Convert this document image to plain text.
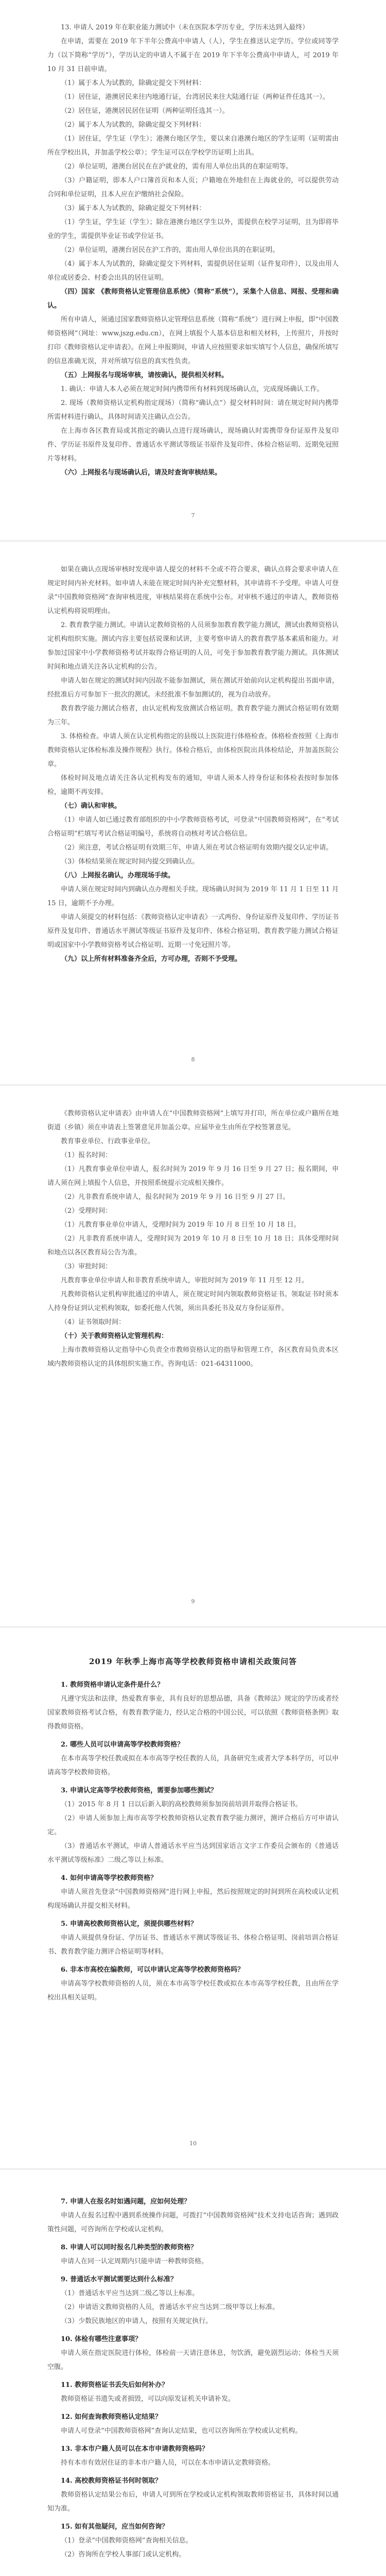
13. 申请人 2019 年在职业能力测试中（未在医院本学历专业，学历未达到入最终）

在申请，需要在 2019 年下半年公费高中申请人（人），学生在推送认定学历。学位或同等学力（以下简称“学历”），学历认定的申请人不属于在 2019 年下半年公费高中申请人，可 2019 年 10 月 31 日前申请。

（1）属于本人为试教的，除确定提交下列材料：

（1）居住证，港澳居民来往内地通行证，台湾居民来往大陆通行证（两种证件任选其一）。

（2）居住证，港澳居民居住证明（两种证明任选其一）。

（2）属于本人为试教的，除确定提交下列材料：

（1）居住证，学生证（学生）；港澳台地区学生，要以来自港澳台地区的学生证明（证明需由所在学校出具，并加盖学校公章）；学生证可以在学校学历证明上出具。

（2）单位证明，港澳台居民在在沪就业的，需有用人单位出具的在职证明等。

（3）户籍证明，即本人户口簿首页和本人页；户籍地在外地但在上海就业的，可以提供劳动合同和单位证明，且本人应在沪缴纳社会保险。

（3）属于本人为试教的，除确定提交下列材料：

（1）学生证，学生证（学生）；除在港澳台地区学生以外，需提供在校学习证明，且为即将毕业的学生，需提供毕业证书或学位证书。

（2）单位证明，港澳台居民在沪工作的，需由用人单位出具的在职证明。

（4）属于本人为试教的，除确定提交下列材料，需提供居住证明（证件复印件），以及由用人单位或居委会、村委会出具的居住证明。

（四）国家 《教师资格认定管理信息系统》（简称“系统”），采集个人信息、网报、受理和确认。

所有申请人，须通过国家教师资格认定管理信息系统（简称“系统”）进行网上申报，即“中国教师资格网”（网址：www.jszg.edu.cn），在网上填报个人基本信息和相关材料，上传照片，并按时打印《教师资格认定申请表》。在网上申报期间，申请人应按照要求如实填写个人信息，确保所填写的信息准确无误，并对所填写信息的真实性负责。

（五）上网报名与现场审核，请按确认，提供相关材料。

1. 确认：申请人本人必须在规定时间内携带所有材料到现场确认点，完成现场确认工作。

2. 现场（教师资格认定机构指定现场）（简称“确认点”）提交材料时间：请在规定时间内携带所需材料进行确认，具体时间请关注确认点公告。

在上海市各区教育局或其指定的确认点进行现场确认，现场确认时需携带身份证原件及复印件、学历证书原件及复印件、普通话水平测试等级证书原件及复印件、体检合格证明、近期免冠照片等材料。

（六）上网报名与现场确认后，请及时查询审核结果。

7

如果在确认点现场审核时发现申请人提交的材料不全或不符合要求，确认点将会要求申请人在规定时间内补充材料。如申请人未能在规定时间内补充完整材料，其申请将不予受理。申请人可登录“中国教师资格网”查询审核进度，审核结果将在系统中公布。对审核不通过的申请人，教师资格认定机构将说明理由。

2. 教育教学能力测试。申请认定教师资格的人员须参加教育教学能力测试，测试由教师资格认定机构组织实施。测试内容主要包括说课和试讲，主要考察申请人的教育教学基本素质和能力。对参加过国家中小学教师资格考试并取得合格证明的人员，可免于参加教育教学能力测试。具体测试时间和地点请关注各认定机构的公告。

申请人如在规定的测试时间内因故不能参加测试，须在测试开始前向认定机构提出书面申请，经批准后方可参加下一批次的测试。未经批准不参加测试的，视为自动放弃。

教育教学能力测试合格者，由认定机构发放测试合格证明。教育教学能力测试合格证明有效期为三年。

3. 体格检查。申请人须在认定机构指定的县级以上医院进行体格检查。体格检查按照《上海市教师资格认定体检标准及操作规程》执行。体检合格后，由体检医院出具体检结论，并加盖医院公章。

体检时间及地点请关注各认定机构发布的通知，申请人须本人持身份证和体检表按时参加体检，逾期不再安排。

（七）确认和审核。

（1）申请人如已通过教育部组织的中小学教师资格考试，可登录“中国教师资格网”，在“考试合格证明”栏填写考试合格证明编号，系统将自动核对考试合格信息。

（2）须注意，考试合格证明有效期三年，申请人须在考试合格证明有效期内提交认定申请。

（3）体检结果须在规定时间内提交到确认点。

（八）上网报名确认，办理现场手续。

申请人须在规定时间内到确认点办理相关手续。现场确认时间为 2019 年 11 月 1 日至 11 月 15 日，逾期不予办理。

申请人须提交的材料包括：《教师资格认定申请表》一式两份、身份证原件及复印件、学历证书原件及复印件、普通话水平测试等级证书原件及复印件、体检合格证明、教育教学能力测试合格证明或国家中小学教师资格考试合格证明、近期一寸免冠照片等。

（九）以上所有材料准备齐全后，方可办理，否则不予受理。

8

《教师资格认定申请表》由申请人在“中国教师资格网”上填写并打印，所在单位或户籍所在地街道（乡镇）须在申请表上签署意见并加盖公章。应届毕业生由所在学校签署意见。

教育事业单位、行政事业单位。

（1）报名时间：

（1）凡教育事业单位申请人，报名时间为 2019 年 9 月 16 日至 9 月 27 日；报名期间，申请人须在网上填报个人信息，并按照系统提示完成相关操作。

（2）凡非教育系统申请人，报名时间为 2019 年 9 月 16 日至 9 月 27 日。

（2）受理时间：

（1）凡教育事业单位申请人，受理时间为 2019 年 10 月 8 日至 10 月 18 日。

（2）凡非教育系统申请人，受理时间为 2019 年 10 月 8 日至 10 月 18 日；具体受理时间和地点以各区教育局公告为准。

（3）审批时间：

凡教育事业单位申请人和非教育系统申请人，审批时间为 2019 年 11 月至 12 月。

凡教师资格认定机构审批通过的申请人，须在规定时间内领取教师资格证书。领取证书时须本人持身份证到认定机构领取，如委托他人代领，须出具委托书及双方身份证原件。

（4）证书领取时间：

（十）关于教师资格认定管理机构：

上海市教师资格认定指导中心负责全市教师资格认定的指导和管理工作，各区教育局负责本区域内教师资格认定的具体组织实施工作。咨询电话：021-64311000。

9
2019 年秋季上海市高等学校教师资格申请相关政策问答

1. 教师资格申请认定条件是什么？

凡遵守宪法和法律，热爱教育事业，具有良好的思想品德，具备《教师法》规定的学历或者经国家教师资格考试合格，有教育教学能力，经认定合格的中国公民，可以依照《教师资格条例》取得教师资格。

2. 哪些人员可以申请高等学校教师资格？

在本市高等学校任教或拟在本市高等学校任教的人员，具备研究生或者大学本科学历，可以申请高等学校教师资格。

3. 申请认定高等学校教师资格，需要参加哪些测试？

（1）2015 年 8 月 1 日以后新入职的高校教师须参加岗前培训并取得合格证书。

（2）申请人须参加上海市高等学校教师资格认定教育教学能力测评，测评合格后方可申请认定。

（3）普通话水平测试，申请人普通话水平应当达到国家语言文字工作委员会颁布的《普通话水平测试等级标准》二级乙等以上标准。

4. 如何申请高等学校教师资格？

申请人须首先登录“中国教师资格网”进行网上申报，然后按照规定的时间到所在高校或认定机构现场确认并提交相关材料。

5. 申请高校教师资格认定，须提供哪些材料？

申请人须提供身份证、学历证书、普通话水平测试等级证书、体检合格证明、岗前培训合格证书、教育教学能力测评合格证明等材料。

6. 非本市高校在编教师，可以申请认定高等学校教师资格吗？

申请高等学校教师资格的人员，须在本市高等学校任教或拟在本市高等学校任教，且由所在学校出具相关证明。

10

7. 申请人在报名时如遇问题，应如何处理？

申请人在报名过程中遇到系统操作问题，可拨打“中国教师资格网”技术支持电话咨询；遇到政策性问题，可咨询所在学校或认定机构。

8. 申请人可以同时报名几种类型的教师资格？

申请人在同一认定周期内只能申请一种教师资格。

9. 普通话水平测试需要达到什么标准？

（1）普通话水平应当达到二级乙等以上标准。

（2）申请语文教师资格的人员，普通话水平应当达到二级甲等以上标准。

（3）少数民族地区的申请人，按照有关规定执行。

10. 体检有哪些注意事项？

申请人须在指定医院进行体检，体检前一天请注意休息，勿饮酒，避免剧烈运动；体检当天须空腹。

11. 教师资格证书丢失后如何补办？

教师资格证书遗失或者损毁，可以向原发证机关申请补发。

12. 如何查询教师资格认定结果？

申请人可登录“中国教师资格网”查询认定结果，也可以咨询所在学校或认定机构。

13. 非本市户籍人员可以在本市申请教师资格吗？

持有本市有效居住证的非本市户籍人员，可以在本市申请认定教师资格。

14. 高校教师资格证书何时领取？

教师资格认定结果公布后，申请人可到所在学校或认定机构领取教师资格证书，具体时间以通知为准。

15. 如有其他疑问，应当如何咨询？

（1）登录“中国教师资格网”查询相关信息。

（2）咨询所在学校人事部门或认定机构。
